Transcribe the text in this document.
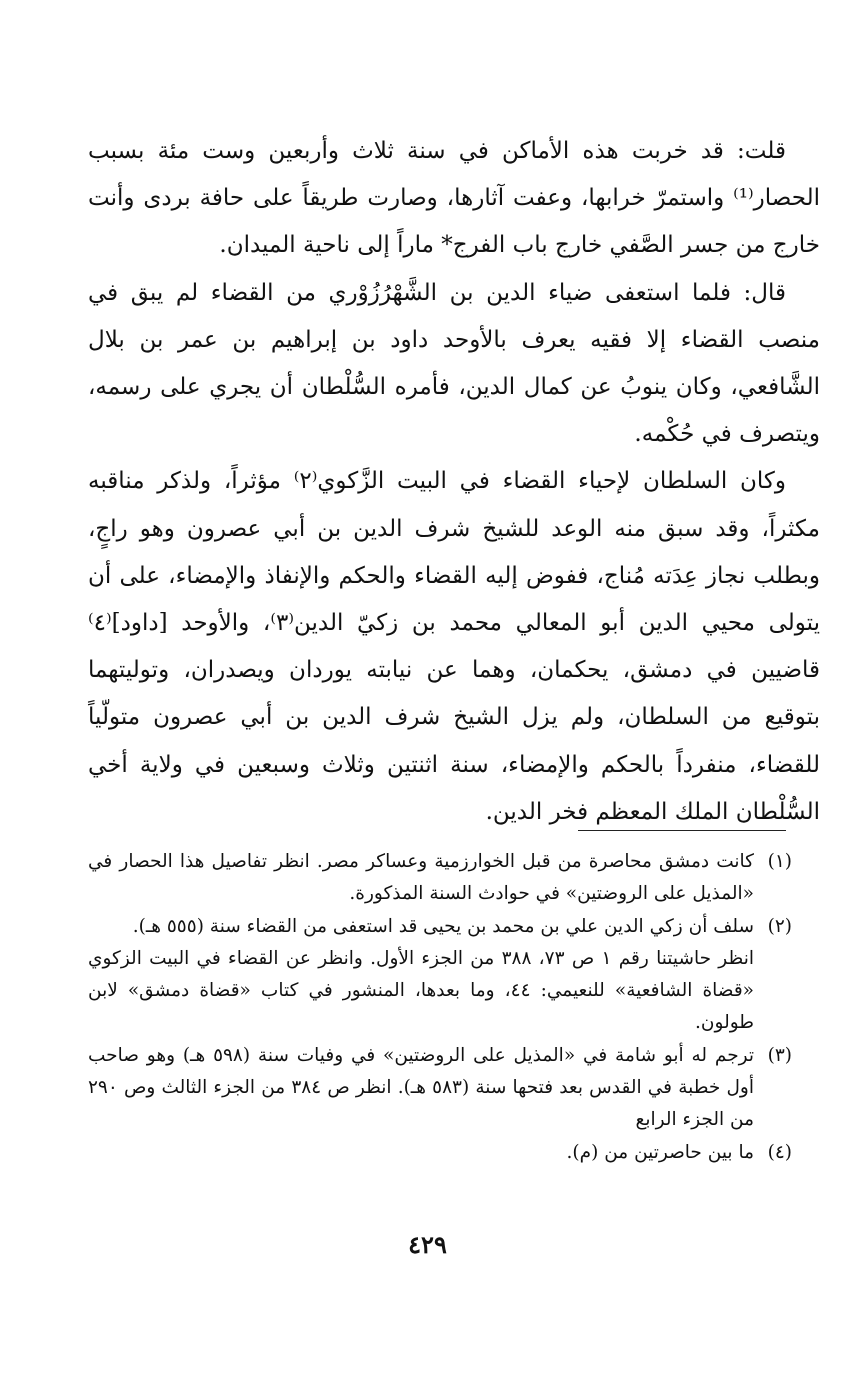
قلت: قد خربت هذه الأماكن في سنة ثلاث وأربعين وست مئة بسبب الحصار⁽¹⁾ واستمرّ خرابها، وعفت آثارها، وصارت طريقاً على حافة بردى وأنت خارج من جسر الصَّفي خارج باب الفرج* ماراً إلى ناحية الميدان.

قال: فلما استعفى ضياء الدين بن الشَّهْرُزُوْري من القضاء لم يبق في منصب القضاء إلا فقيه يعرف بالأوحد داود بن إبراهيم بن عمر بن بلال الشَّافعي، وكان ينوبُ عن كمال الدين، فأمره السُّلْطان أن يجري على رسمه، ويتصرف في حُكْمه.

وكان السلطان لإحياء القضاء في البيت الزَّكوي⁽٢⁾ مؤثراً، ولذكر مناقبه مكثراً، وقد سبق منه الوعد للشيخ شرف الدين بن أبي عصرون وهو راجٍ، وبطلب نجاز عِدَته مُناج، ففوض إليه القضاء والحكم والإنفاذ والإمضاء، على أن يتولى محيي الدين أبو المعالي محمد بن زكيّ الدين⁽٣⁾، والأوحد [داود]⁽٤⁾ قاضيين في دمشق، يحكمان، وهما عن نيابته يوردان ويصدران، وتوليتهما بتوقيع من السلطان، ولم يزل الشيخ شرف الدين بن أبي عصرون متولّياً للقضاء، منفرداً بالحكم والإمضاء، سنة اثنتين وثلاث وسبعين في ولاية أخي السُّلْطان الملك المعظم فخر الدين.

(١)
كانت دمشق محاصرة من قبل الخوارزمية وعساكر مصر. انظر تفاصيل هذا الحصار في «المذيل على الروضتين» في حوادث السنة المذكورة.
(٢)
سلف أن زكي الدين علي بن محمد بن يحيى قد استعفى من القضاء سنة (٥٥٥ هـ).
انظر حاشيتنا رقم ١ ص ٧٣، ٣٨٨ من الجزء الأول. وانظر عن القضاء في البيت الزكوي «قضاة الشافعية» للنعيمي: ٤٤، وما بعدها، المنشور في كتاب «قضاة دمشق» لابن طولون.
(٣)
ترجم له أبو شامة في «المذيل على الروضتين» في وفيات سنة (٥٩٨ هـ) وهو صاحب أول خطبة في القدس بعد فتحها سنة (٥٨٣ هـ). انظر ص ٣٨٤ من الجزء الثالث وص ٢٩٠ من الجزء الرابع
(٤)
ما بين حاصرتين من (م).
٤٢٩
